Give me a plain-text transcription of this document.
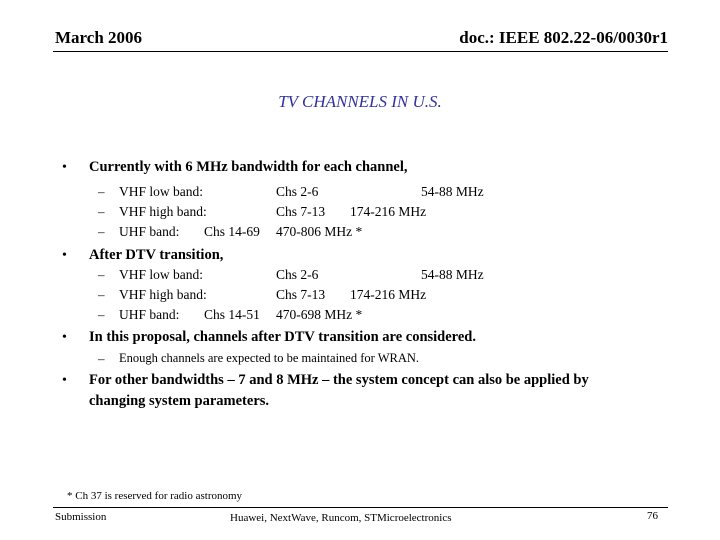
March 2006	doc.: IEEE 802.22-06/0030r1
TV CHANNELS IN U.S.
• Currently with 6 MHz bandwidth for each channel,
– VHF low band:	Chs 2-6	54-88 MHz
– VHF high band:	Chs 7-13 174-216 MHz
– UHF band: Chs 14-69 470-806 MHz *
• After DTV transition,
– VHF low band:	Chs 2-6	54-88 MHz
– VHF high band:	Chs 7-13 174-216 MHz
– UHF band: Chs 14-51 470-698 MHz *
• In this proposal, channels after DTV transition are considered.
– Enough channels are expected to be maintained for WRAN.
• For other bandwidths – 7 and 8 MHz – the system concept can also be applied by
changing system parameters.
* Ch 37 is reserved for radio astronomy
Submission	Huawei, NextWave, Runcom, STMicroelectronics	76
